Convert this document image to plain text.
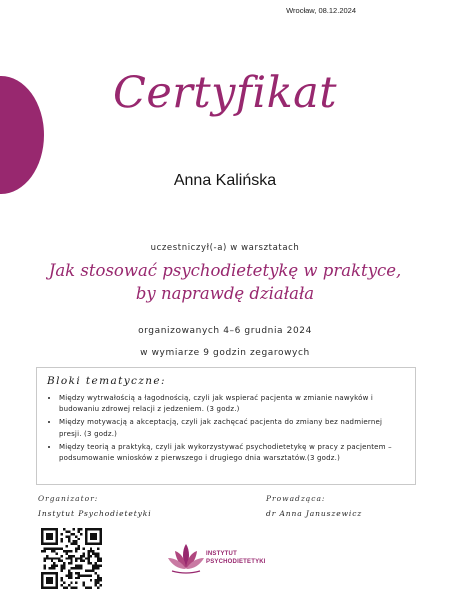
Wrocław, 08.12.2024
Certyfikat
Anna Kalińska
uczestniczył(-a) w warsztatach
Jak stosować psychodietetykę w praktyce,
by naprawdę działała
organizowanych 4–6 grudnia 2024
w wymiarze 9 godzin zegarowych
Bloki tematyczne:
• Między wytrwałością a łagodnością, czyli jak wspierać pacjenta w zmianie nawyków i budowaniu zdrowej relacji z jedzeniem. (3 godz.)
• Między motywacją a akceptacją, czyli jak zachęcać pacjenta do zmiany bez nadmiernej presji. (3 godz.)
• Między teorią a praktyką, czyli jak wykorzystywać psychodietetykę w pracy z pacjentem – podsumowanie wniosków z pierwszego i drugiego dnia warsztatów.(3 godz.)
Organizator:
Instytut Psychodietetyki
Prowadząca:
dr Anna Januszewicz
INSTYTUT
PSYCHODIETETYKI
